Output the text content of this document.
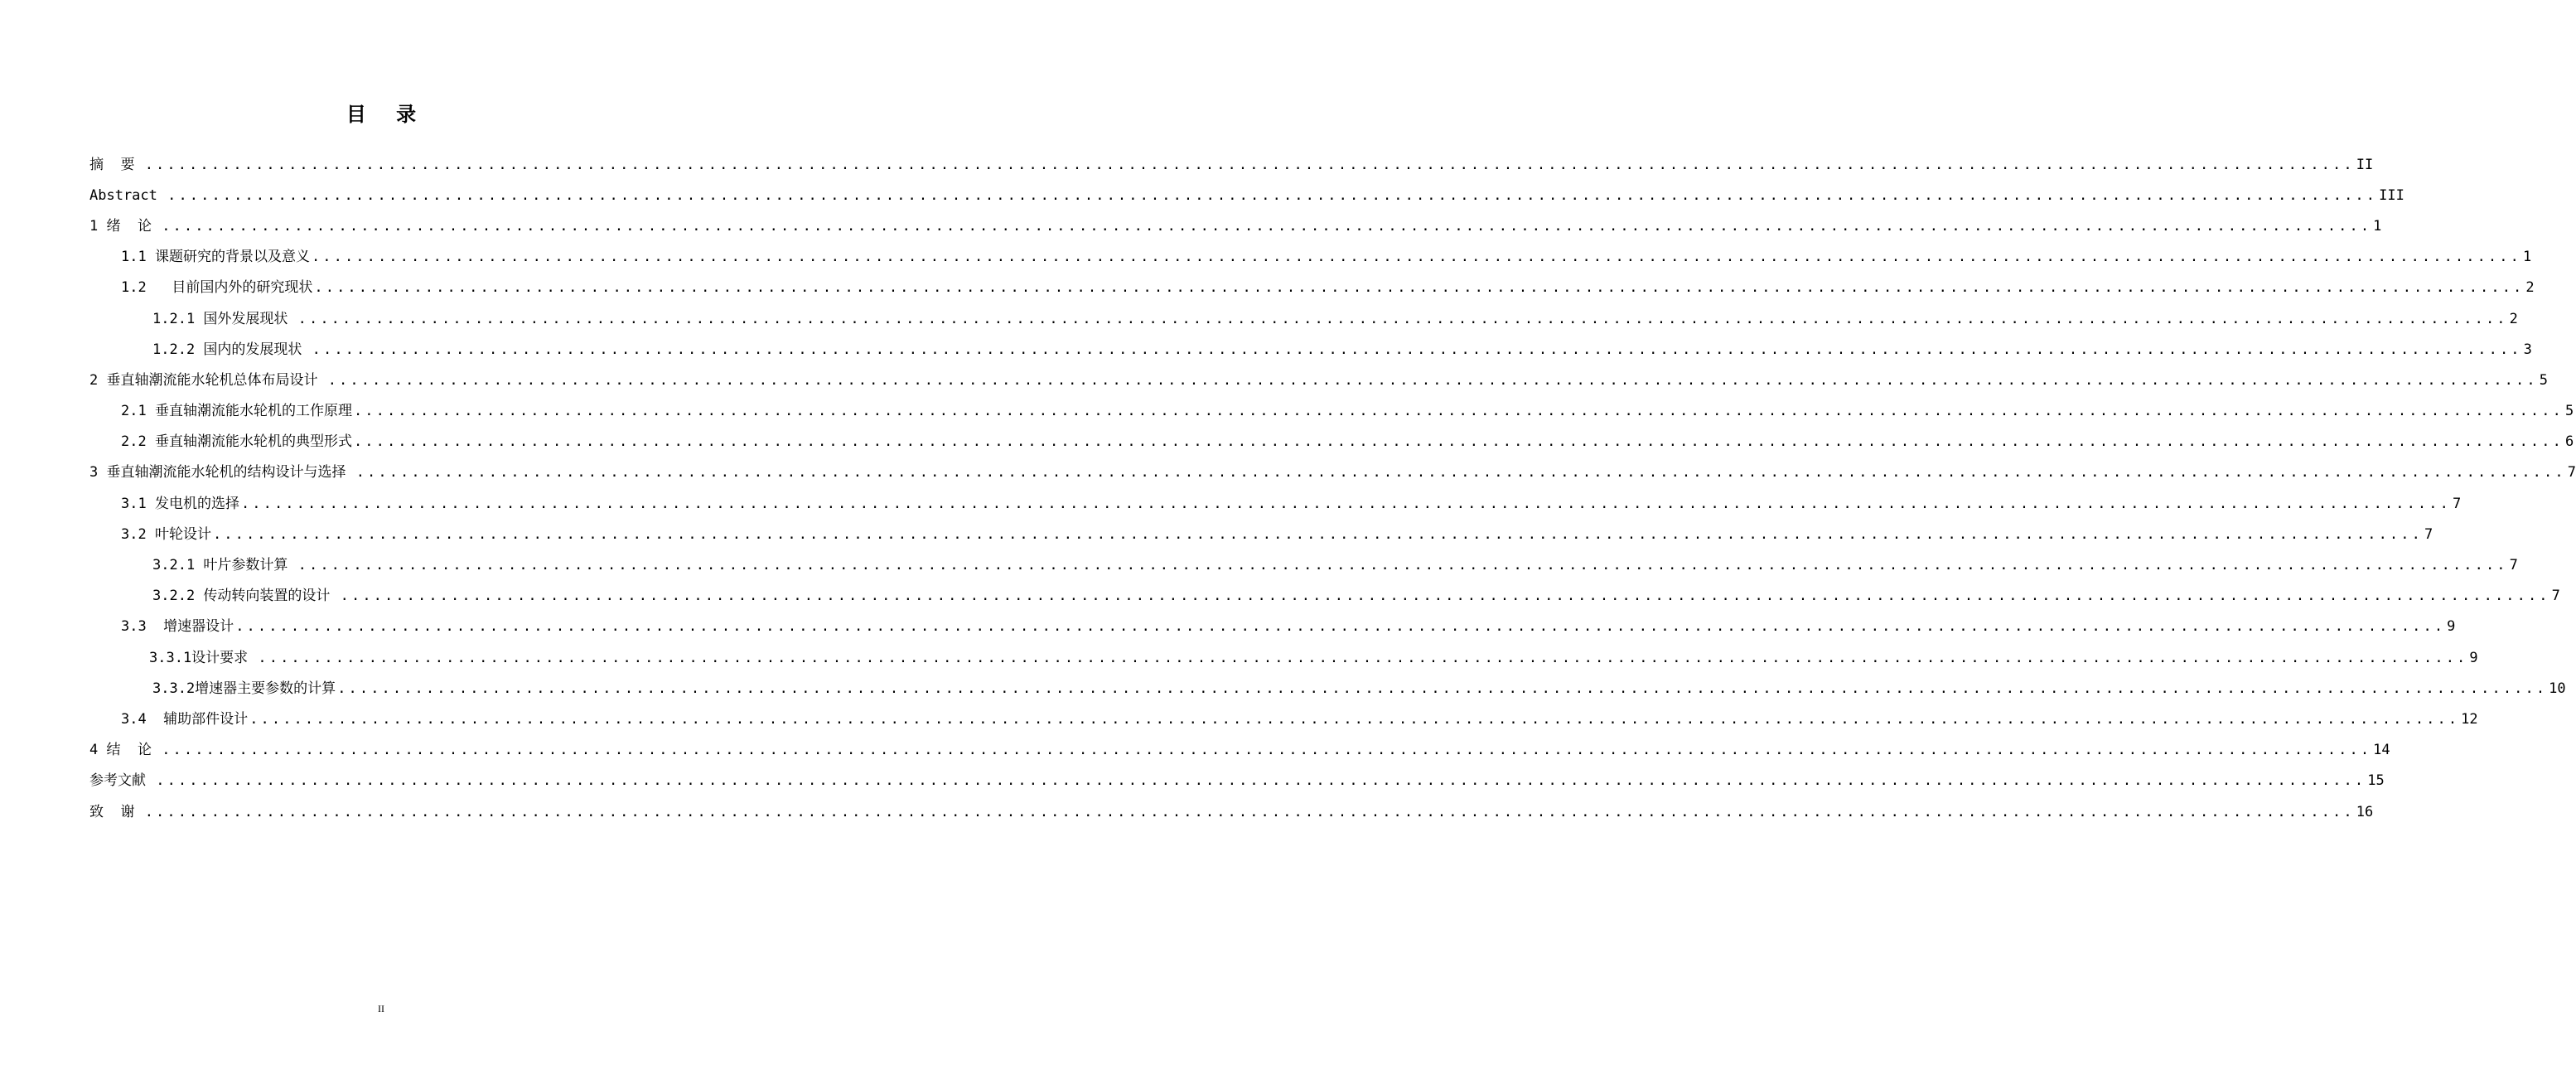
目 录
摘  要 ........................................................................................................................................................................................................ II
Abstract ........................................................................................................................................................................................................ III
1 绪  论 ........................................................................................................................................................................................................ 1
1.1 课题研究的背景以及意义 ........................................................................................................................................................................................................ 1
1.2   目前国内外的研究现状 ........................................................................................................................................................................................................ 2
1.2.1 国外发展现状 ........................................................................................................................................................................................................ 2
1.2.2 国内的发展现状 ........................................................................................................................................................................................................ 3
2 垂直轴潮流能水轮机总体布局设计 ........................................................................................................................................................................................................ 5
2.1 垂直轴潮流能水轮机的工作原理 ........................................................................................................................................................................................................ 5
2.2 垂直轴潮流能水轮机的典型形式 ........................................................................................................................................................................................................ 6
3 垂直轴潮流能水轮机的结构设计与选择 ........................................................................................................................................................................................................ 7
3.1 发电机的选择 ........................................................................................................................................................................................................ 7
3.2 叶轮设计 ........................................................................................................................................................................................................ 7
3.2.1 叶片参数计算 ........................................................................................................................................................................................................ 7
3.2.2 传动转向装置的设计 ........................................................................................................................................................................................................ 7
3.3  增速器设计 ........................................................................................................................................................................................................ 9
3.3.1设计要求 ........................................................................................................................................................................................................ 9
3.3.2增速器主要参数的计算 ........................................................................................................................................................................................................ 10
3.4  辅助部件设计 ........................................................................................................................................................................................................ 12
4 结  论 ........................................................................................................................................................................................................ 14
参考文献 ........................................................................................................................................................................................................ 15
致  谢 ........................................................................................................................................................................................................ 16
II
